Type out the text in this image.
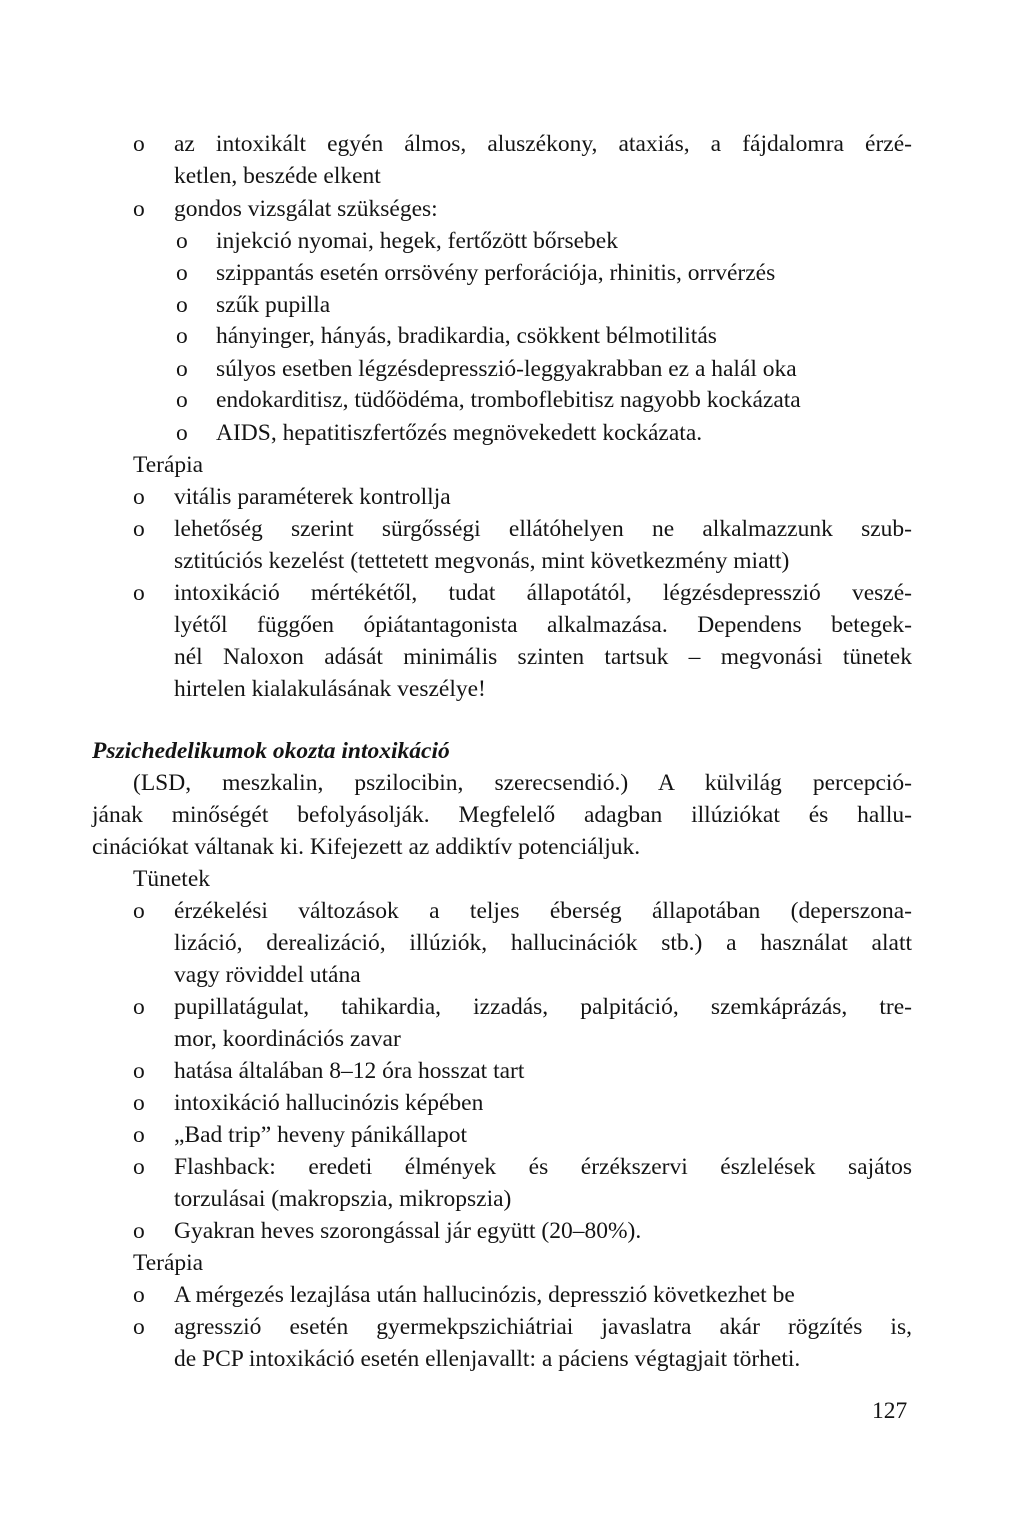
o az intoxikált egyén álmos, aluszékony, ataxiás, a fájdalomra érzé-
ketlen, beszéde elkent
o gondos vizsgálat szükséges:
o injekció nyomai, hegek, fertőzött bőrsebek
o szippantás esetén orrsövény perforációja, rhinitis, orrvérzés
o szűk pupilla
o hányinger, hányás, bradikardia, csökkent bélmotilitás
o súlyos esetben légzésdepresszió-leggyakrabban ez a halál oka
o endokarditisz, tüdőödéma, tromboflebitisz nagyobb kockázata
o AIDS, hepatitiszfertőzés megnövekedett kockázata.
Terápia
o vitális paraméterek kontrollja
o lehetőség szerint sürgősségi ellátóhelyen ne alkalmazzunk szub-
sztitúciós kezelést (tettetett megvonás, mint következmény miatt)
o intoxikáció mértékétől, tudat állapotától, légzésdepresszió veszé-
lyétől függően ópiátantagonista alkalmazása. Dependens betegek-
nél Naloxon adását minimális szinten tartsuk – megvonási tünetek
hirtelen kialakulásának veszélye!
Pszichedelikumok okozta intoxikáció
(LSD, meszkalin, pszilocibin, szerecsendió.) A külvilág percepció-
jának minőségét befolyásolják. Megfelelő adagban illúziókat és hallu-
cinációkat váltanak ki. Kifejezett az addiktív potenciáljuk.
Tünetek
o érzékelési változások a teljes éberség állapotában (deperszona-
lizáció, derealizáció, illúziók, hallucinációk stb.) a használat alatt
vagy röviddel utána
o pupillatágulat, tahikardia, izzadás, palpitáció, szemkáprázás, tre-
mor, koordinációs zavar
o hatása általában 8–12 óra hosszat tart
o intoxikáció hallucinózis képében
o „Bad trip” heveny pánikállapot
o Flashback: eredeti élmények és érzékszervi észlelések sajátos
torzulásai (makropszia, mikropszia)
o Gyakran heves szorongással jár együtt (20–80%).
Terápia
o A mérgezés lezajlása után hallucinózis, depresszió következhet be
o agresszió esetén gyermekpszichiátriai javaslatra akár rögzítés is,
de PCP intoxikáció esetén ellenjavallt: a páciens végtagjait törheti.
127
